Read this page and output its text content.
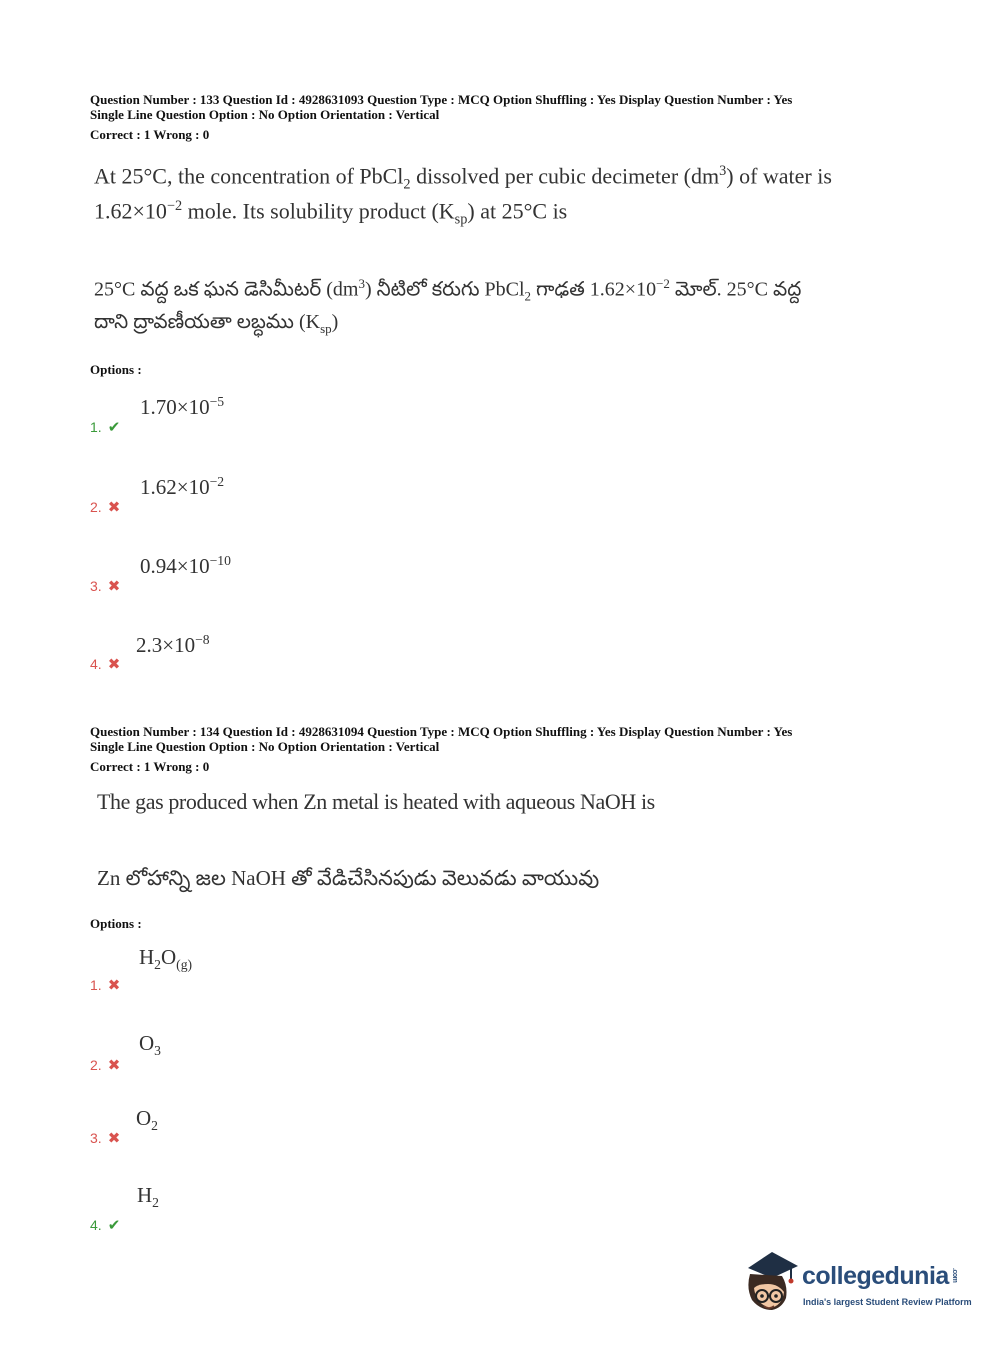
Question Number : 133 Question Id : 4928631093 Question Type : MCQ Option Shuffling : Yes Display Question Number : Yes
Single Line Question Option : No Option Orientation : Vertical
Correct : 1 Wrong : 0
At 25°C, the concentration of PbCl$_2$ dissolved per cubic decimeter $(dm^3)$ of water is
$1.62\times 10^{-2}$ mole. Its solubility product $(K_{sp})$ at 25°C is
25°C వద్ద ఒక ఘన డెసిమీటర్ $(dm^3)$ నీటిలో కరుగు PbCl$_2$ గాఢత $1.62\times 10^{-2}$ మోల్. 25°C వద్ద
దాని ద్రావణీయతా లబ్ధము $(K_{sp})$
Options :
$1.70\times 10^{-5}$
1. ✔
$1.62\times 10^{-2}$
2. ✖
$0.94\times 10^{-10}$
3. ✖
$2.3\times 10^{-8}$
4. ✖
Question Number : 134 Question Id : 4928631094 Question Type : MCQ Option Shuffling : Yes Display Question Number : Yes
Single Line Question Option : No Option Orientation : Vertical
Correct : 1 Wrong : 0
The gas produced when Zn metal is heated with aqueous NaOH is
Zn లోహాన్ని జల NaOH తో వేడిచేసినపుడు వెలువడు వాయువు
Options :
$H_2O_{(g)}$
1. ✖
$O_3$
2. ✖
$O_2$
3. ✖
$H_2$
4. ✔
collegedunia .com
India's largest Student Review Platform
